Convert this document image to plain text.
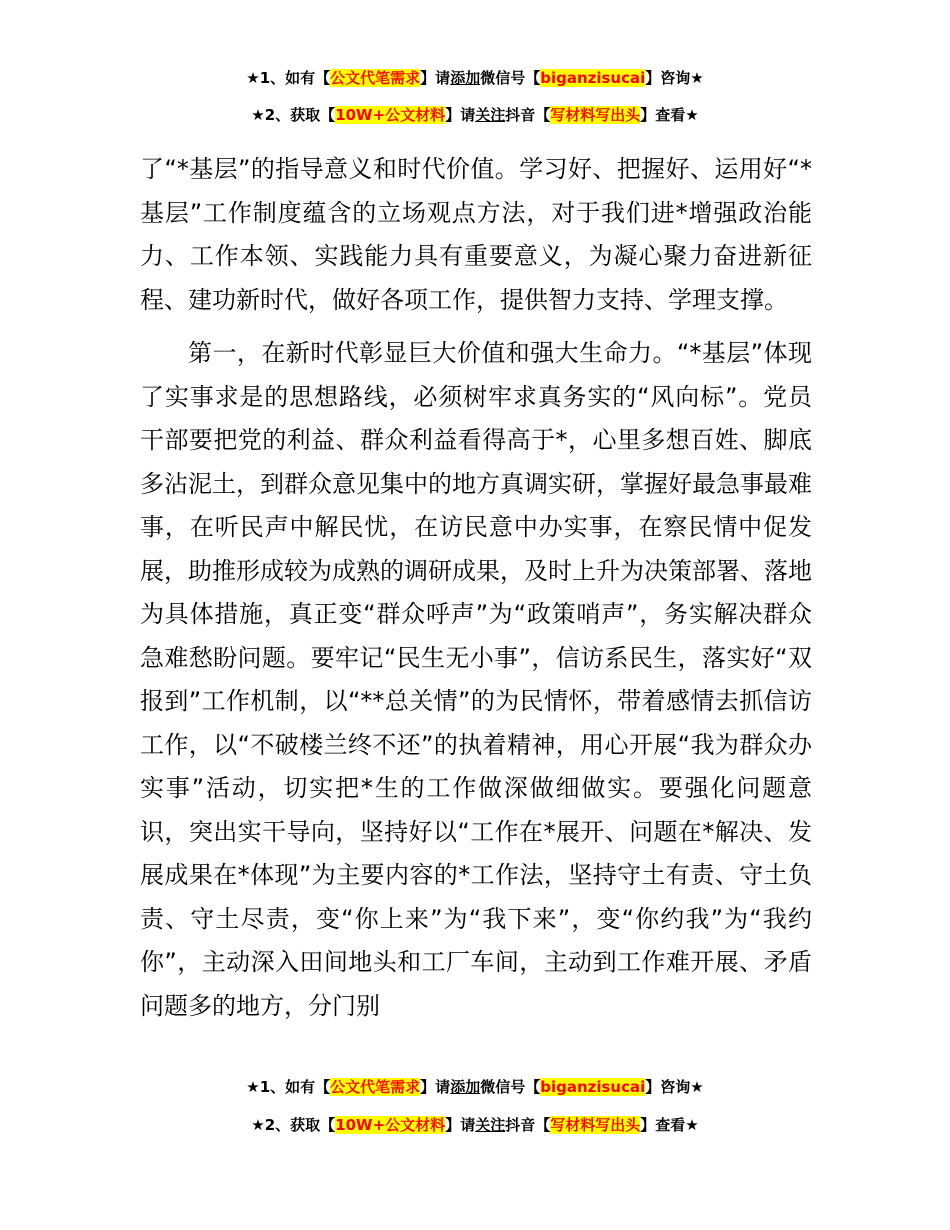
★1、如有【公文代笔需求】请添加微信号【biganzisucai】咨询★
★2、获取【10W+公文材料】请关注抖音【写材料写出头】查看★

了“*基层”的指导意义和时代价值。学习好、把握好、运用好“*基层”工作制度蕴含的立场观点方法，对于我们进*增强政治能力、工作本领、实践能力具有重要意义，为凝心聚力奋进新征程、建功新时代，做好各项工作，提供智力支持、学理支撑。

第一，在新时代彰显巨大价值和强大生命力。“*基层”体现了实事求是的思想路线，必须树牢求真务实的“风向标”。党员干部要把党的利益、群众利益看得高于*，心里多想百姓、脚底多沾泥土，到群众意见集中的地方真调实研，掌握好最急事最难事，在听民声中解民忧，在访民意中办实事，在察民情中促发展，助推形成较为成熟的调研成果，及时上升为决策部署、落地为具体措施，真正变“群众呼声”为“政策哨声”，务实解决群众急难愁盼问题。要牢记“民生无小事”，信访系民生，落实好“双报到”工作机制，以“**总关情”的为民情怀，带着感情去抓信访工作，以“不破楼兰终不还”的执着精神，用心开展“我为群众办实事”活动，切实把*生的工作做深做细做实。要强化问题意识，突出实干导向，坚持好以“工作在*展开、问题在*解决、发展成果在*体现”为主要内容的*工作法，坚持守土有责、守土负责、守土尽责，变“你上来”为“我下来”，变“你约我”为“我约你”，主动深入田间地头和工厂车间，主动到工作难开展、矛盾问题多的地方，分门别

★1、如有【公文代笔需求】请添加微信号【biganzisucai】咨询★
★2、获取【10W+公文材料】请关注抖音【写材料写出头】查看★
